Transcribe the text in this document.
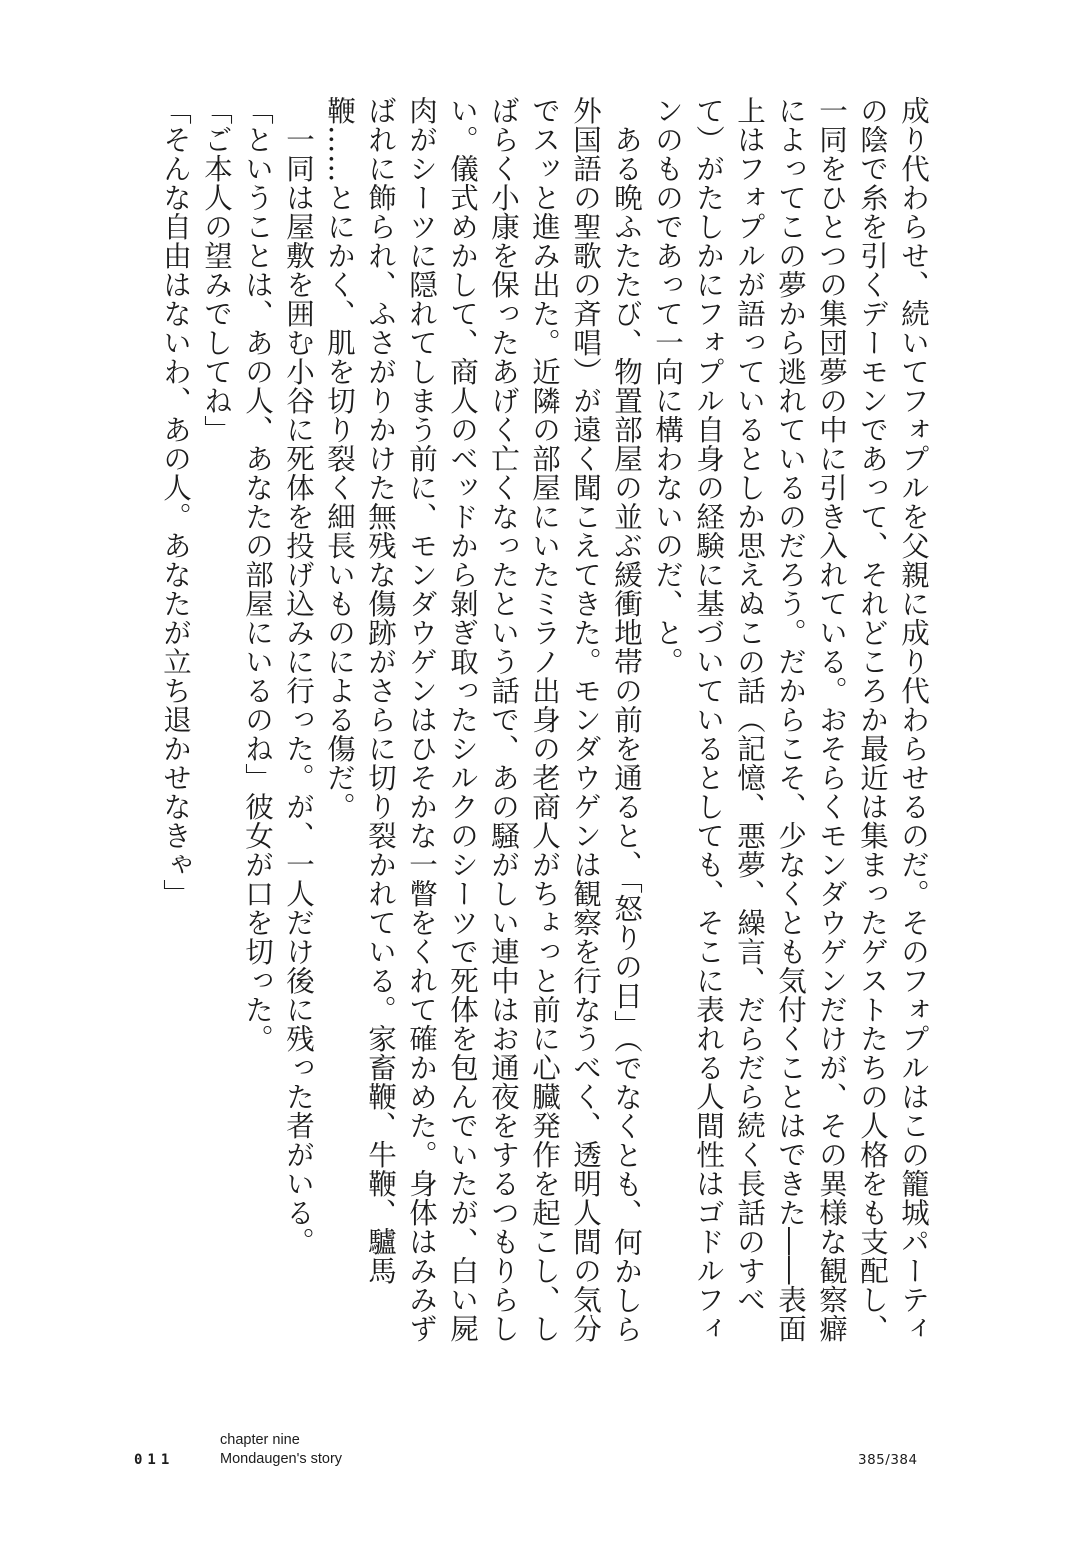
成り代わらせ、続いてフォプルを父親に成り代わらせるのだ。そのフォプルはこの籠城パーティの陰で糸を引くデーモンであって、それどころか最近は集まったゲストたちの人格をも支配し、一同をひとつの集団夢の中に引き入れている。おそらくモンダウゲンだけが、その異様な観察癖によってこの夢から逃れているのだろう。だからこそ、少なくとも気付くことはできた――表面上はフォプルが語っているとしか思えぬこの話（記憶、悪夢、繰言、だらだら続く長話のすべて）がたしかにフォプル自身の経験に基づいているとしても、そこに表れる人間性はゴドルフィンのものであって一向に構わないのだ、と。

ある晩ふたたび、物置部屋の並ぶ緩衝地帯の前を通ると、「怒りの日」（でなくとも、何かしら外国語の聖歌の斉唱）が遠く聞こえてきた。モンダウゲンは観察を行なうべく、透明人間の気分でスッと進み出た。近隣の部屋にいたミラノ出身の老商人がちょっと前に心臓発作を起こし、しばらく小康を保ったあげく亡くなったという話で、あの騒がしい連中はお通夜をするつもりらしい。儀式めかして、商人のベッドから剝ぎ取ったシルクのシーツで死体を包んでいたが、白い屍肉がシーツに隠れてしまう前に、モンダウゲンはひそかな一瞥をくれて確かめた。身体はみみずばれに飾られ、ふさがりかけた無残な傷跡がさらに切り裂かれている。家畜鞭、牛鞭、驢馬鞭……とにかく、肌を切り裂く細長いものによる傷だ。

一同は屋敷を囲む小谷に死体を投げ込みに行った。が、一人だけ後に残った者がいる。

「ということは、あの人、あなたの部屋にいるのね」彼女が口を切った。

「ご本人の望みでしてね」

「そんな自由はないわ、あの人。あなたが立ち退かせなきゃ」

011
chapter nine
Mondaugen's story	385/384
